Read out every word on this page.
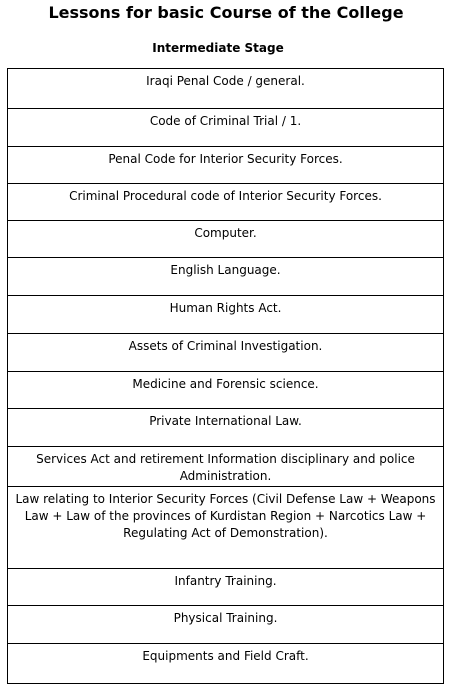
Lessons for basic Course of the College
Intermediate Stage
Iraqi Penal Code / general.
Code of Criminal Trial / 1.
Penal Code for Interior Security Forces.
Criminal Procedural code of Interior Security Forces.
Computer.
English Language.
Human Rights Act.
Assets of Criminal Investigation.
Medicine and Forensic science.
Private International Law.
Services Act and retirement Information disciplinary and police Administration.
Law relating to Interior Security Forces (Civil Defense Law + Weapons Law + Law of the provinces of Kurdistan Region + Narcotics Law + Regulating Act of Demonstration).
Infantry Training.
Physical Training.
Equipments and Field Craft.
